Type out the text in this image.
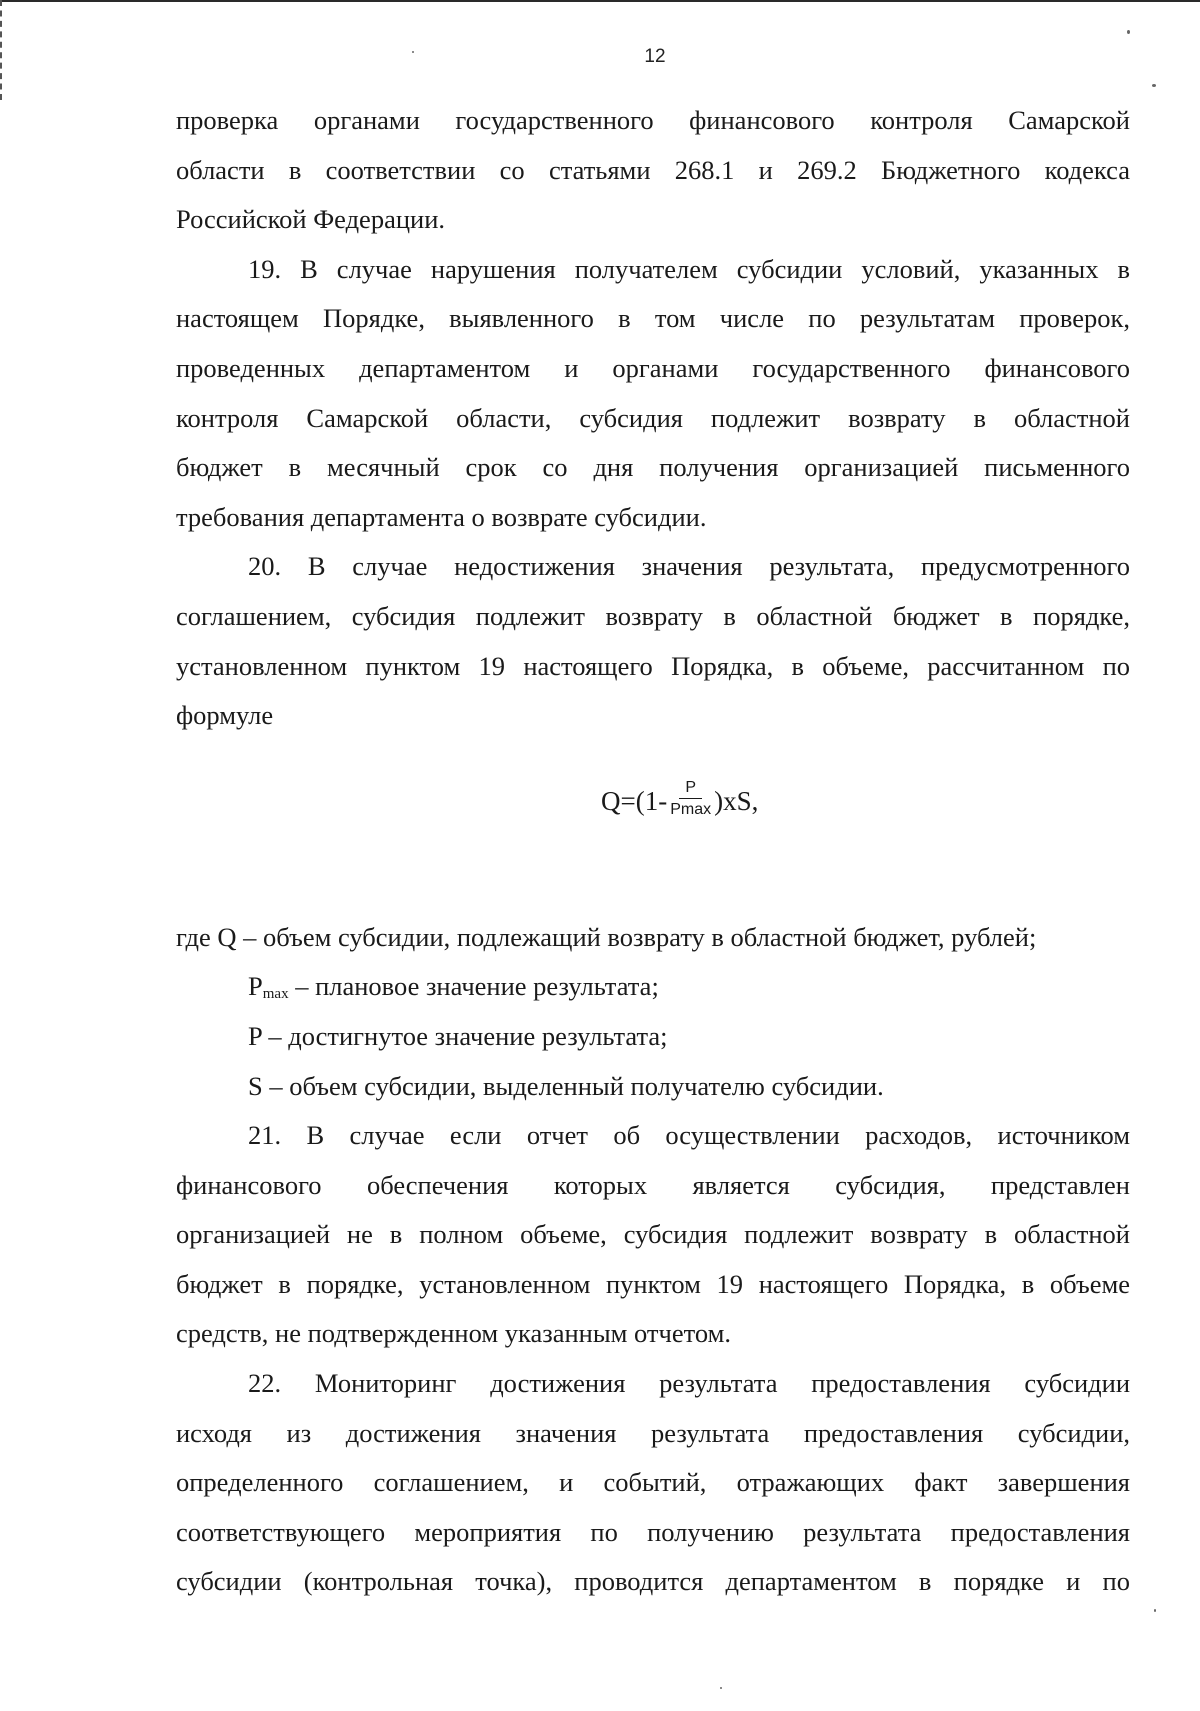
12
проверка органами государственного финансового контроля Самарской
области в соответствии со статьями 268.1 и 269.2 Бюджетного кодекса
Российской Федерации.
19. В случае нарушения получателем субсидии условий, указанных в
настоящем Порядке, выявленного в том числе по результатам проверок,
проведенных департаментом и органами государственного финансового
контроля Самарской области, субсидия подлежит возврату в областной
бюджет в месячный срок со дня получения организацией письменного
требования департамента о возврате субсидии.
20. В случае недостижения значения результата, предусмотренного
соглашением, субсидия подлежит возврату в областной бюджет в порядке,
установленном пунктом 19 настоящего Порядка, в объеме, рассчитанном по
формуле
$Q=(1- \frac{P}{Pmax} )xS$,
где Q – объем субсидии, подлежащий возврату в областной бюджет, рублей;
$P_{max}$ – плановое значение результата;
P – достигнутое значение результата;
S – объем субсидии, выделенный получателю субсидии.
21. В случае если отчет об осуществлении расходов, источником
финансового обеспечения которых является субсидия, представлен
организацией не в полном объеме, субсидия подлежит возврату в областной
бюджет в порядке, установленном пунктом 19 настоящего Порядка, в объеме
средств, не подтвержденном указанным отчетом.
22. Мониторинг достижения результата предоставления субсидии
исходя из достижения значения результата предоставления субсидии,
определенного соглашением, и событий, отражающих факт завершения
соответствующего мероприятия по получению результата предоставления
субсидии (контрольная точка), проводится департаментом в порядке и по
